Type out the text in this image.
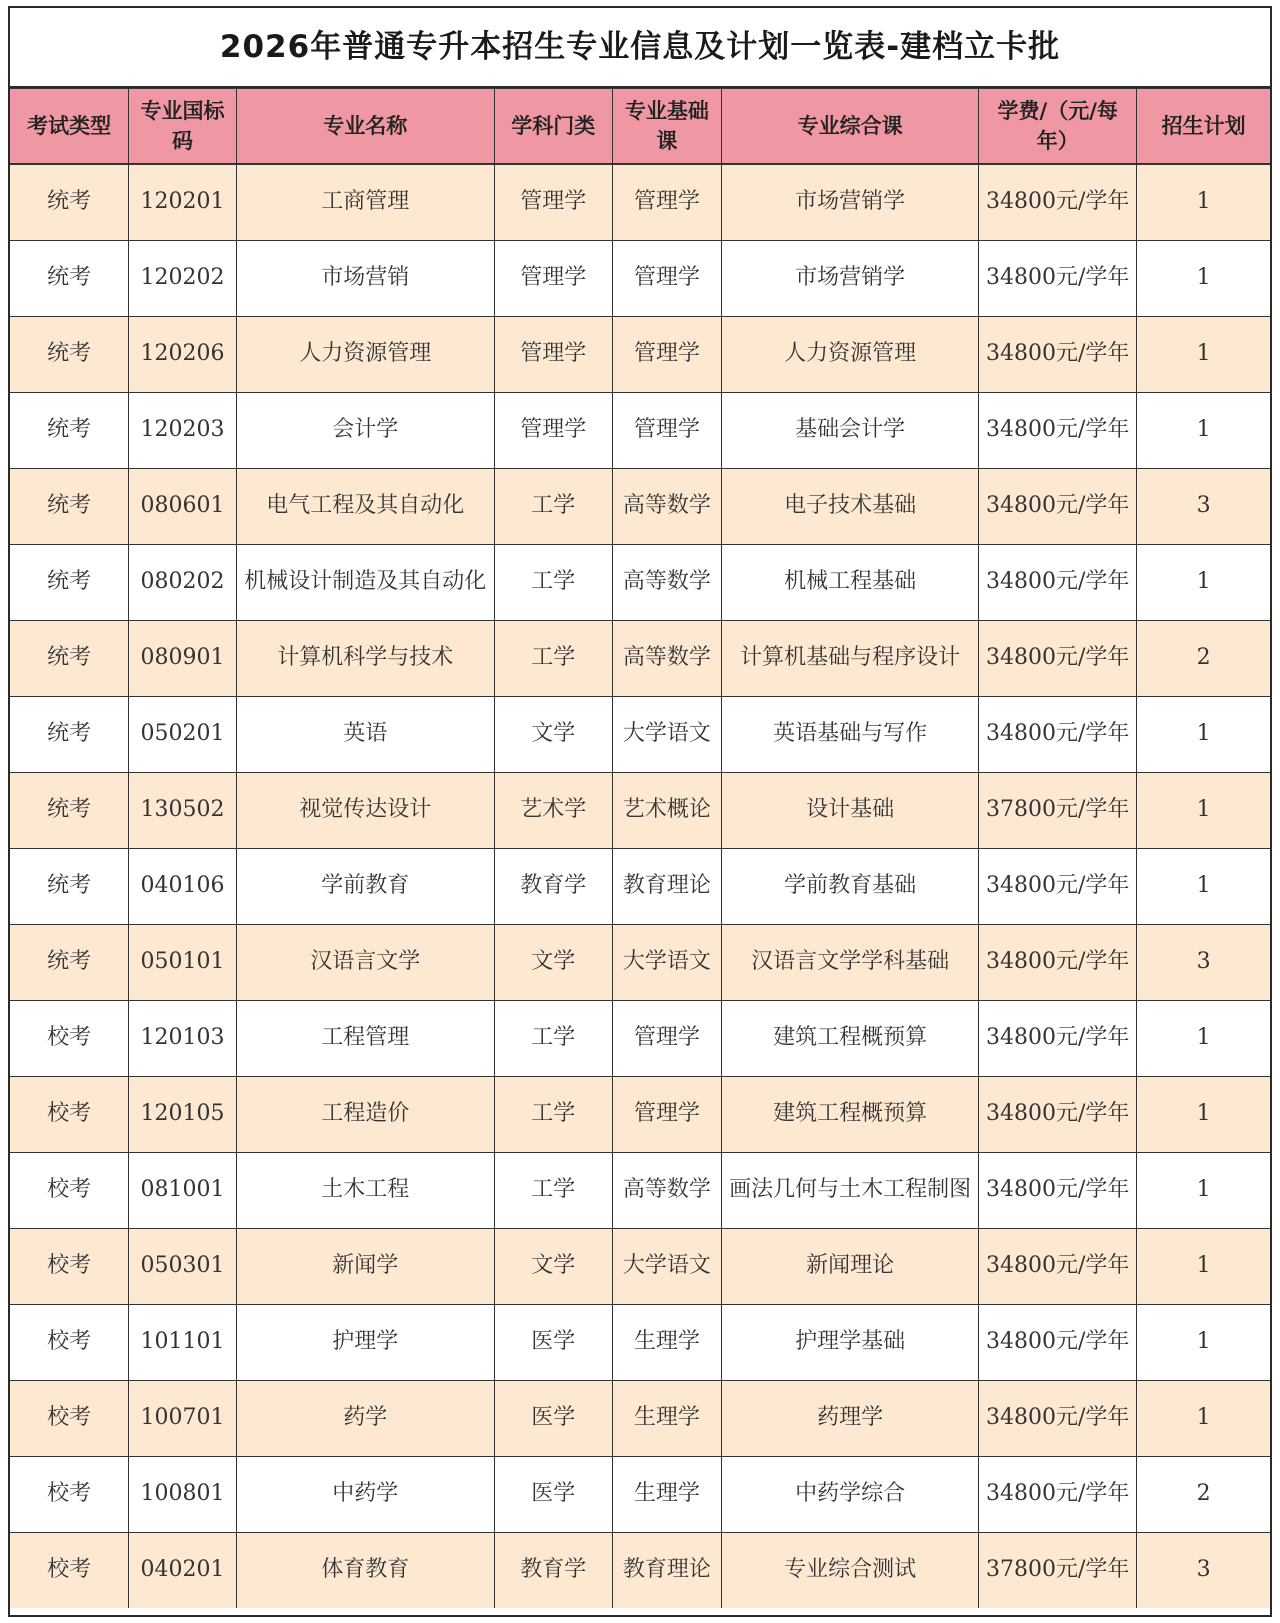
2026年普通专升本招生专业信息及计划一览表-建档立卡批
考试类型	专业国标码	专业名称	学科门类	专业基础课	专业综合课	学费/（元/每年）	招生计划
统考	120201	工商管理	管理学	管理学	市场营销学	34800元/学年	1
统考	120202	市场营销	管理学	管理学	市场营销学	34800元/学年	1
统考	120206	人力资源管理	管理学	管理学	人力资源管理	34800元/学年	1
统考	120203	会计学	管理学	管理学	基础会计学	34800元/学年	1
统考	080601	电气工程及其自动化	工学	高等数学	电子技术基础	34800元/学年	3
统考	080202	机械设计制造及其自动化	工学	高等数学	机械工程基础	34800元/学年	1
统考	080901	计算机科学与技术	工学	高等数学	计算机基础与程序设计	34800元/学年	2
统考	050201	英语	文学	大学语文	英语基础与写作	34800元/学年	1
统考	130502	视觉传达设计	艺术学	艺术概论	设计基础	37800元/学年	1
统考	040106	学前教育	教育学	教育理论	学前教育基础	34800元/学年	1
统考	050101	汉语言文学	文学	大学语文	汉语言文学学科基础	34800元/学年	3
校考	120103	工程管理	工学	管理学	建筑工程概预算	34800元/学年	1
校考	120105	工程造价	工学	管理学	建筑工程概预算	34800元/学年	1
校考	081001	土木工程	工学	高等数学	画法几何与土木工程制图	34800元/学年	1
校考	050301	新闻学	文学	大学语文	新闻理论	34800元/学年	1
校考	101101	护理学	医学	生理学	护理学基础	34800元/学年	1
校考	100701	药学	医学	生理学	药理学	34800元/学年	1
校考	100801	中药学	医学	生理学	中药学综合	34800元/学年	2
校考	040201	体育教育	教育学	教育理论	专业综合测试	37800元/学年	3
